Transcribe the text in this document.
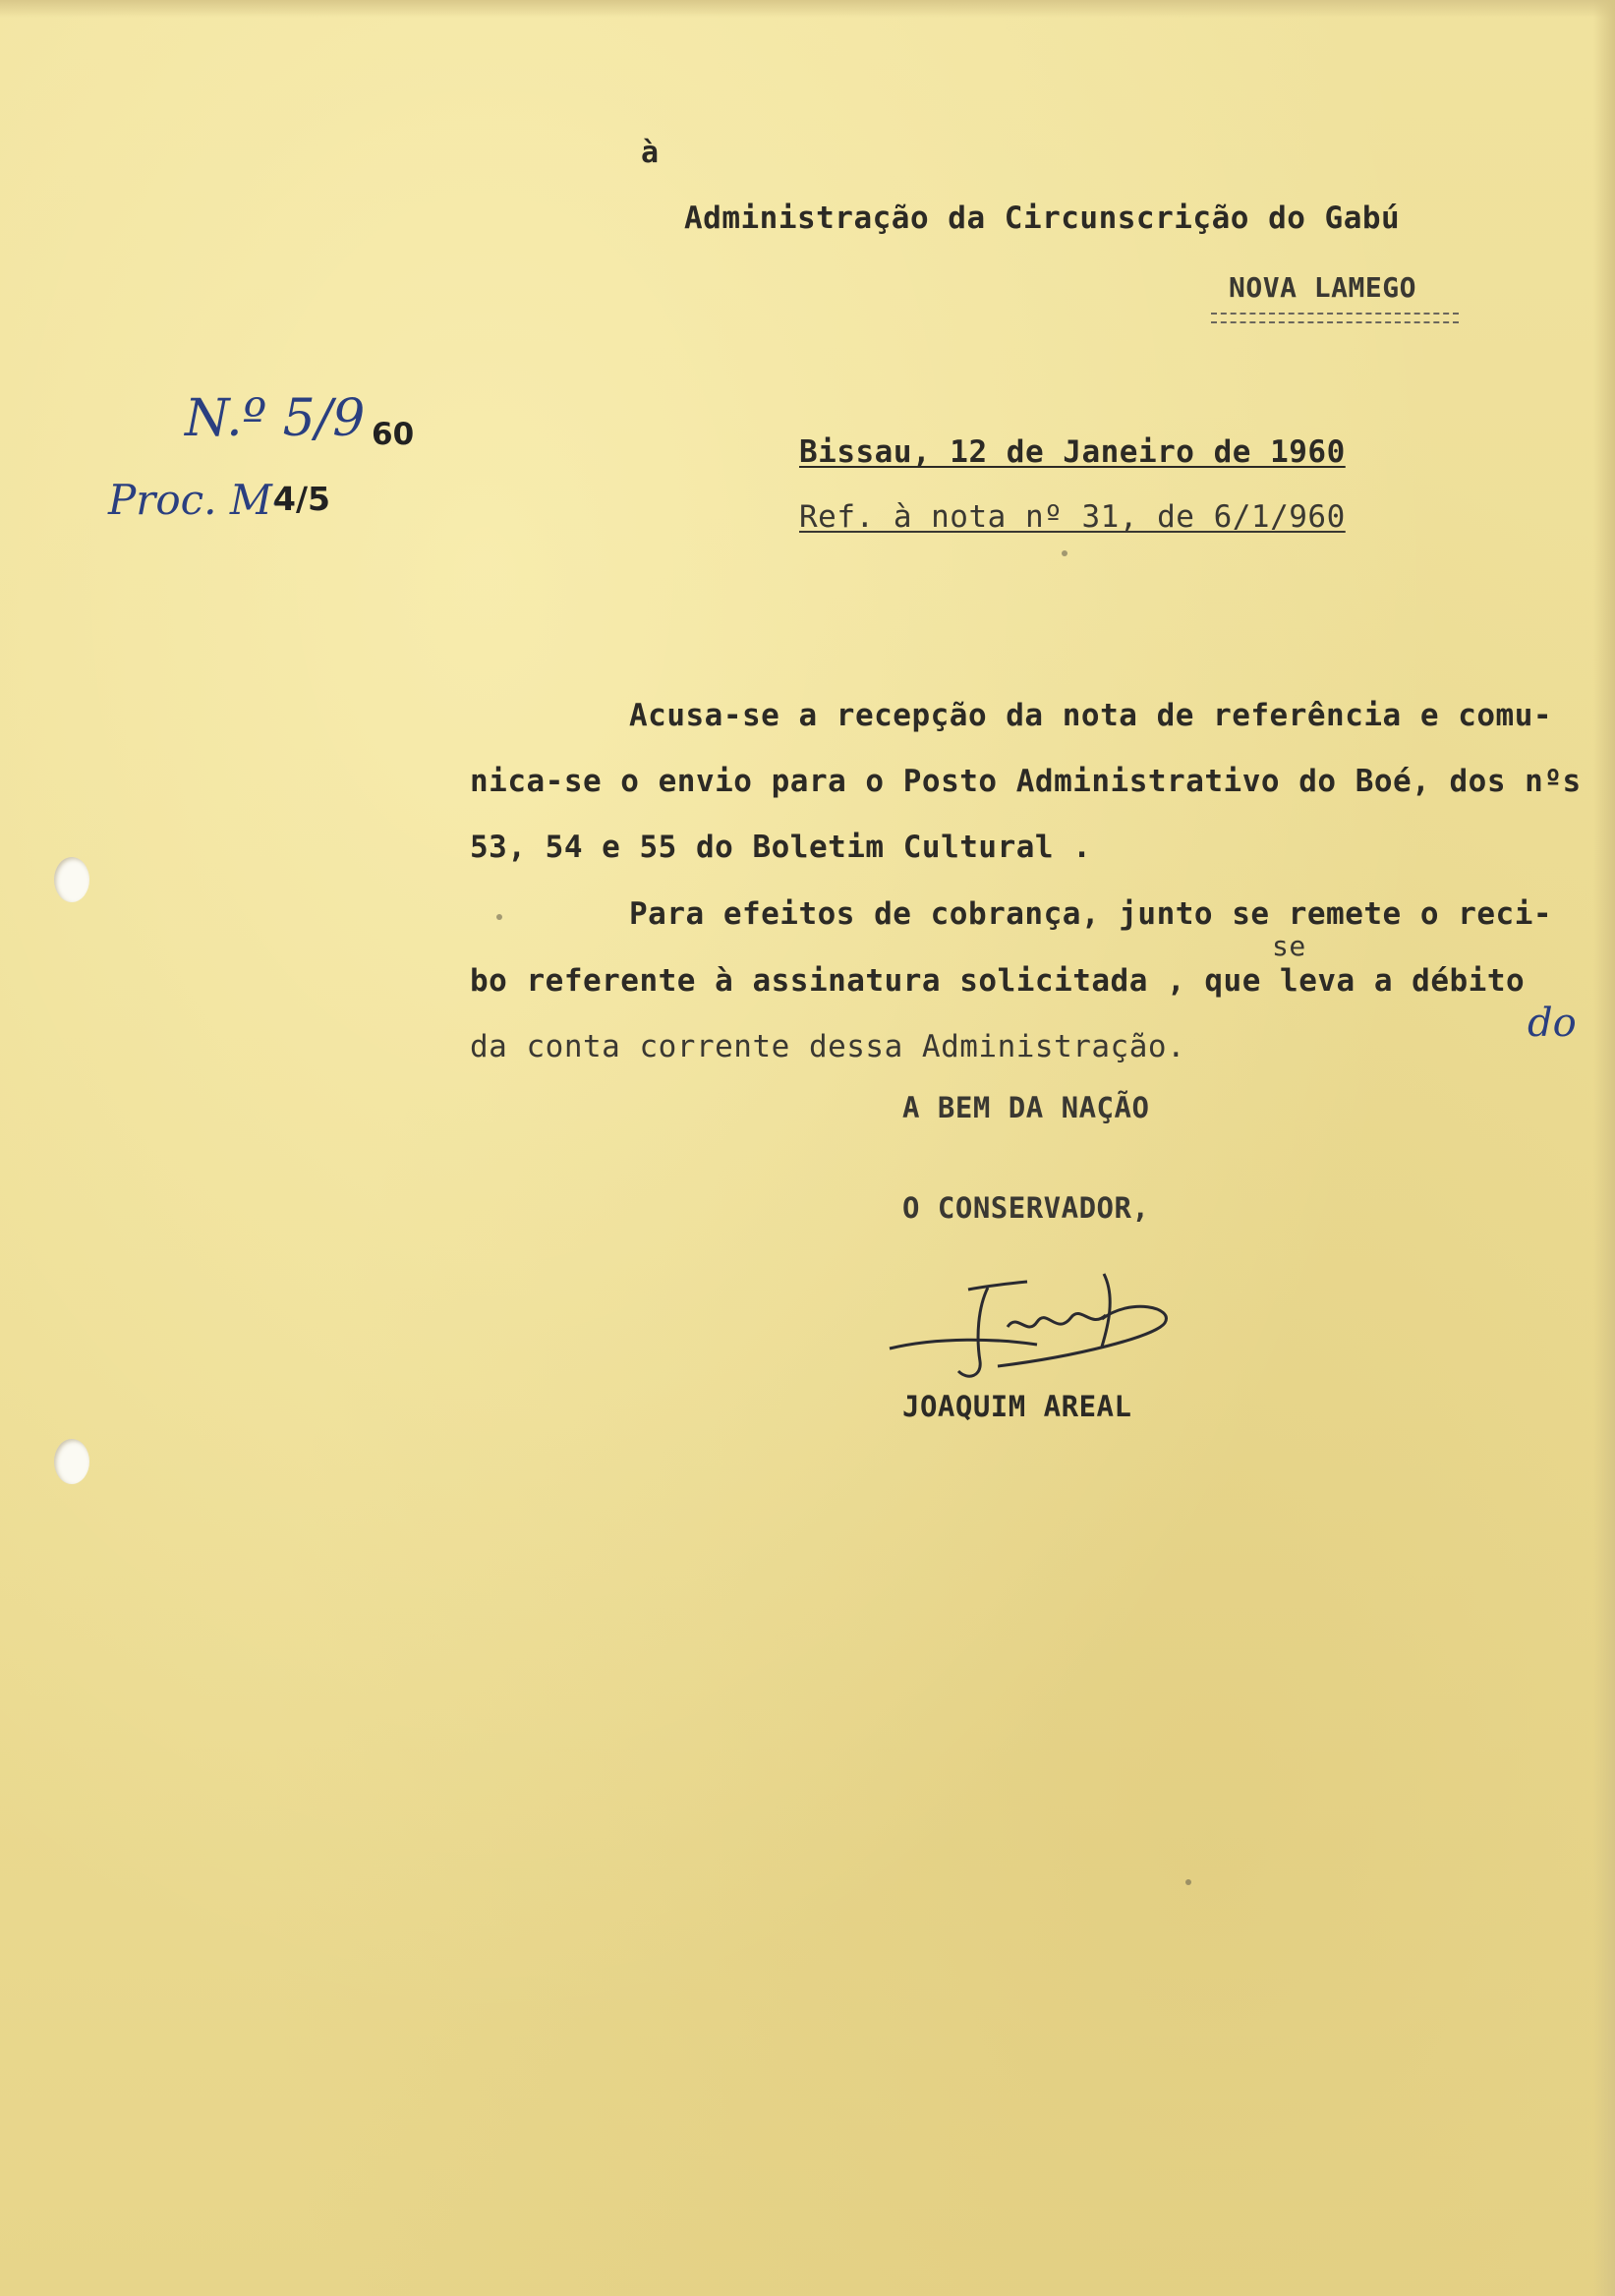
à
Administração da Circunscrição do Gabú
NOVA LAMEGO
N.º 5/9 60
Proc. M-
4/5
Bissau, 12 de Janeiro de 1960
Ref. à nota nº 31, de 6/1/960
Acusa-se a recepção da nota de referência e comu-
nica-se o envio para o Posto Administrativo do Boé, dos nºs
53, 54 e 55 do Boletim Cultural .
Para efeitos de cobrança, junto se remete o reci-
se
bo referente à assinatura solicitada , que leva a débito
da conta corrente dessa Administração.
do
A BEM DA NAÇÃO
O CONSERVADOR,
JOAQUIM AREAL
